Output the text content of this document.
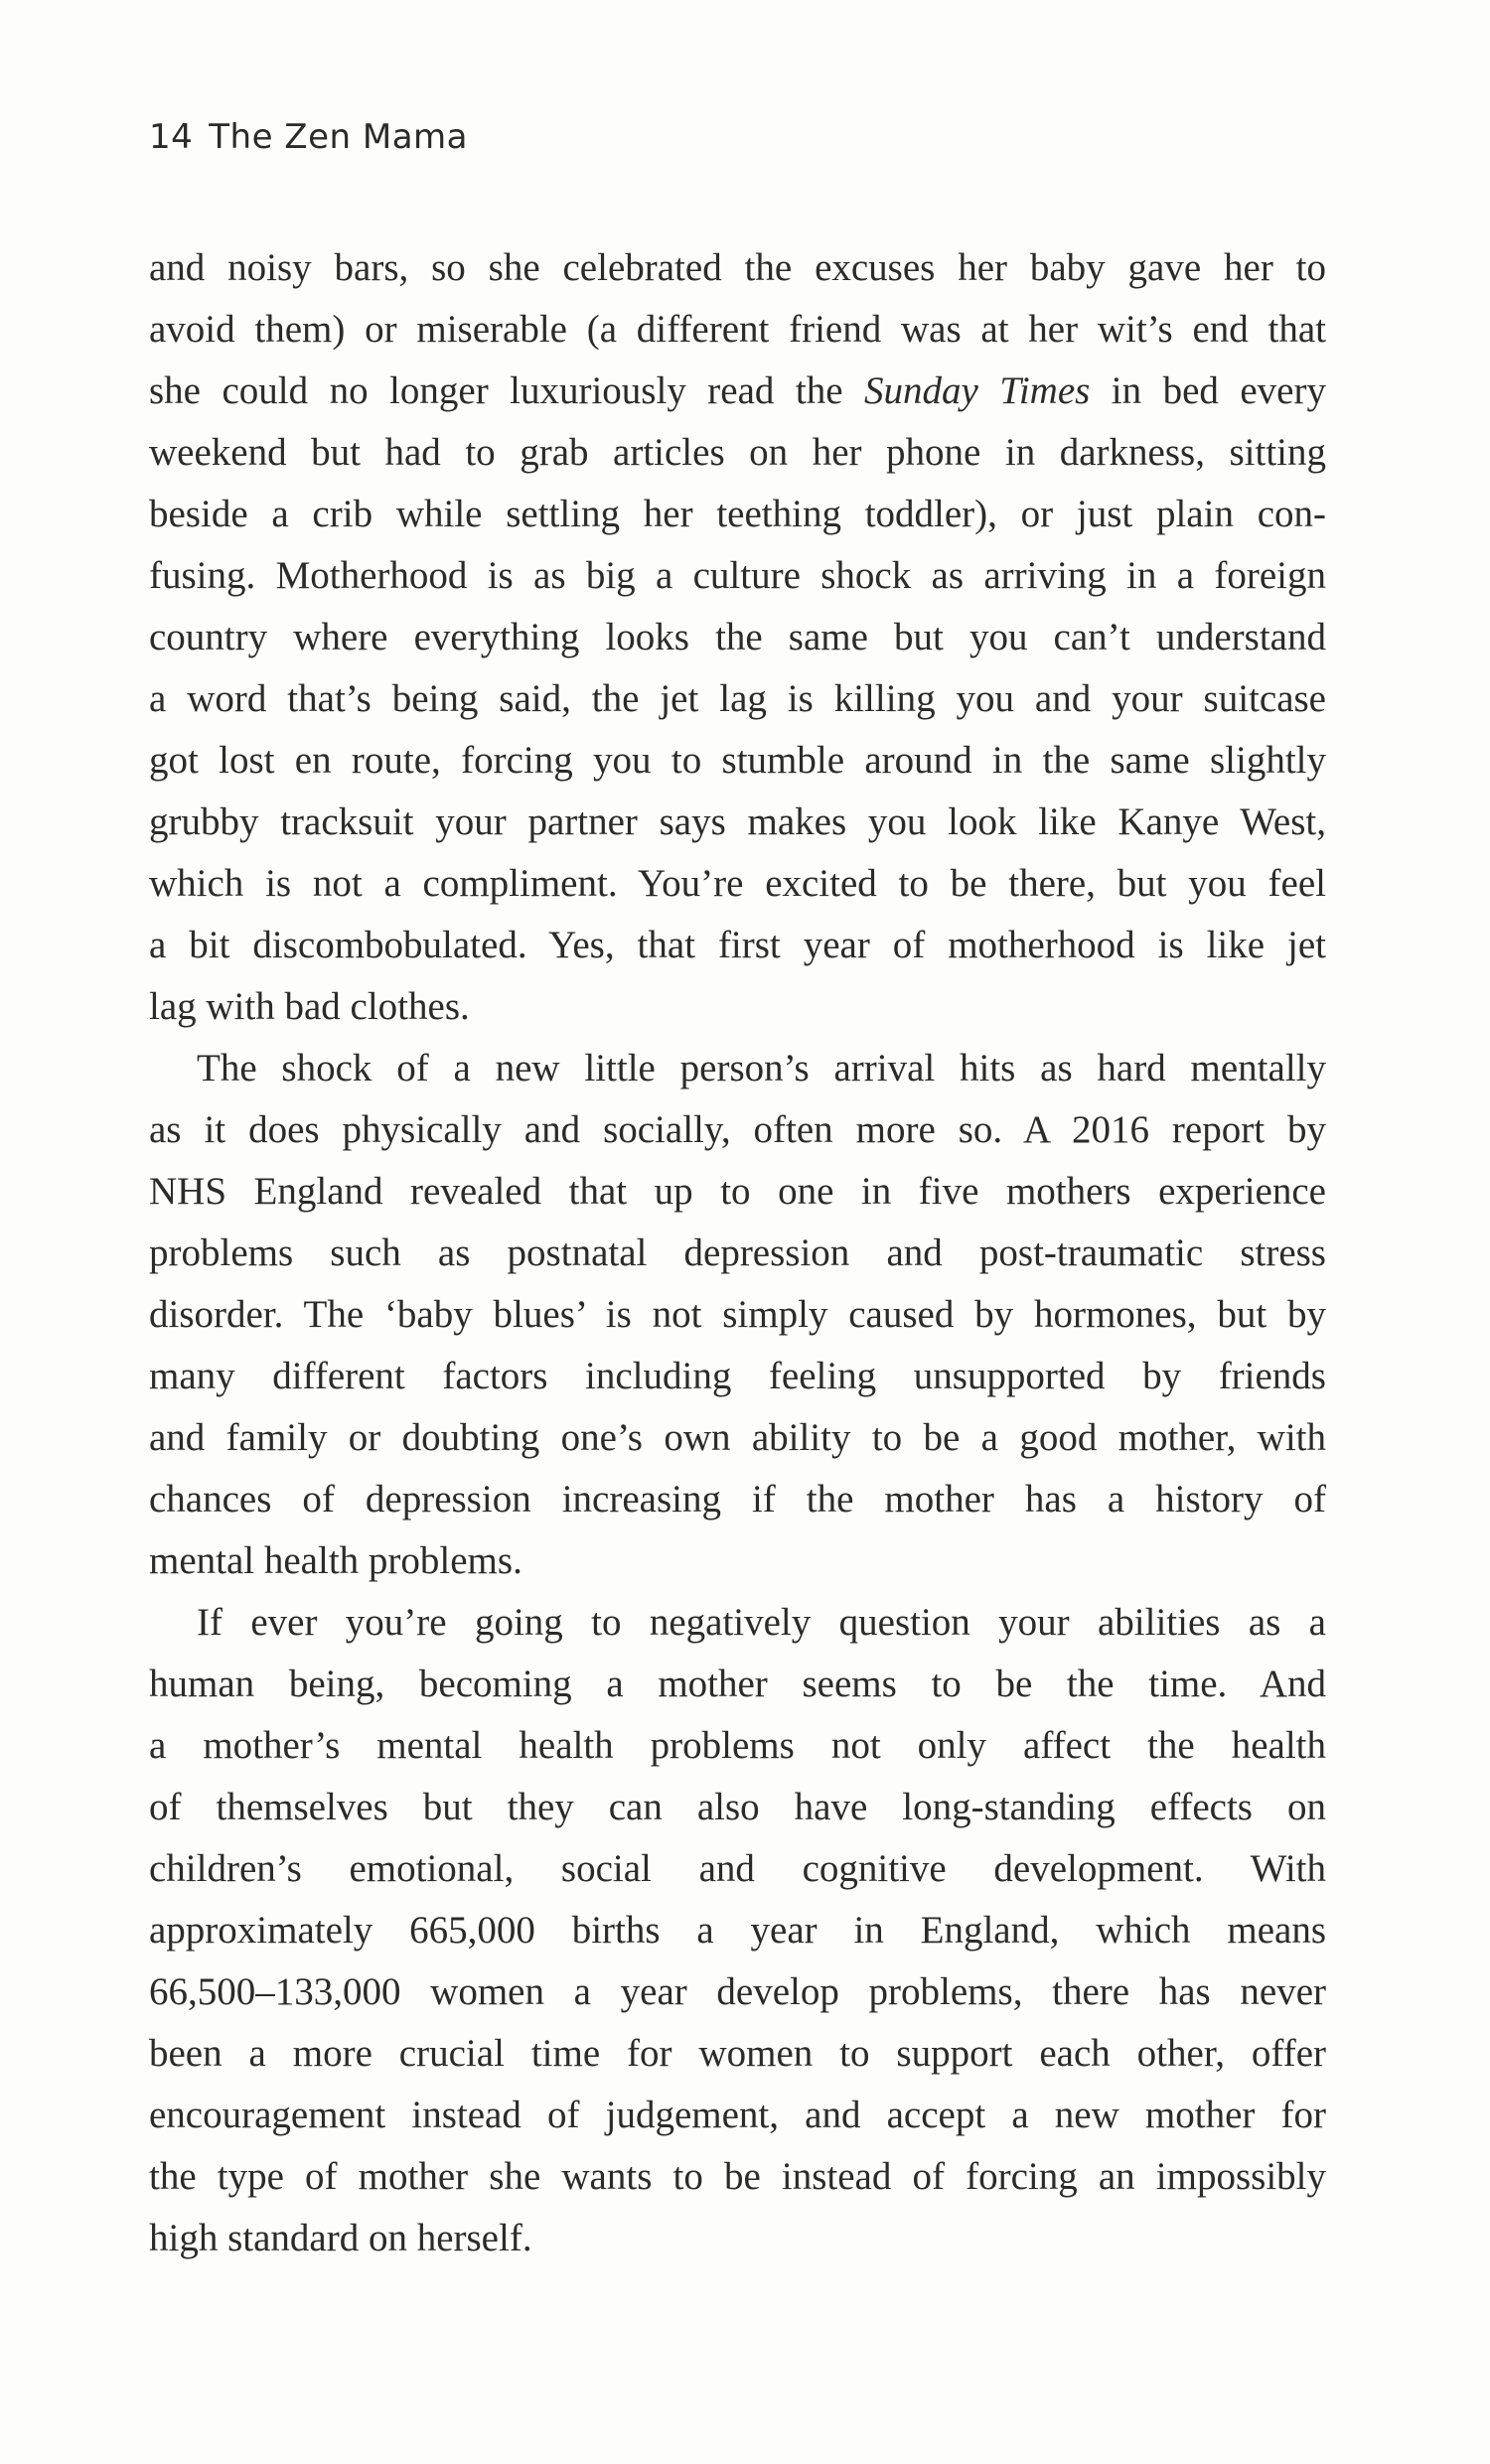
14 The Zen Mama
and noisy bars, so she celebrated the excuses her baby gave her to
avoid them) or miserable (a different friend was at her wit’s end that
she could no longer luxuriously read the Sunday Times in bed every
weekend but had to grab articles on her phone in darkness, sitting
beside a crib while settling her teething toddler), or just plain con-
fusing. Motherhood is as big a culture shock as arriving in a foreign
country where everything looks the same but you can’t understand
a word that’s being said, the jet lag is killing you and your suitcase
got lost en route, forcing you to stumble around in the same slightly
grubby tracksuit your partner says makes you look like Kanye West,
which is not a compliment. You’re excited to be there, but you feel
a bit discombobulated. Yes, that first year of motherhood is like jet
lag with bad clothes.
The shock of a new little person’s arrival hits as hard mentally
as it does physically and socially, often more so. A 2016 report by
NHS England revealed that up to one in five mothers experience
problems such as postnatal depression and post-traumatic stress
disorder. The ‘baby blues’ is not simply caused by hormones, but by
many different factors including feeling unsupported by friends
and family or doubting one’s own ability to be a good mother, with
chances of depression increasing if the mother has a history of
mental health problems.
If ever you’re going to negatively question your abilities as a
human being, becoming a mother seems to be the time. And
a mother’s mental health problems not only affect the health
of themselves but they can also have long-standing effects on
children’s emotional, social and cognitive development. With
approximately 665,000 births a year in England, which means
66,500–133,000 women a year develop problems, there has never
been a more crucial time for women to support each other, offer
encouragement instead of judgement, and accept a new mother for
the type of mother she wants to be instead of forcing an impossibly
high standard on herself.
